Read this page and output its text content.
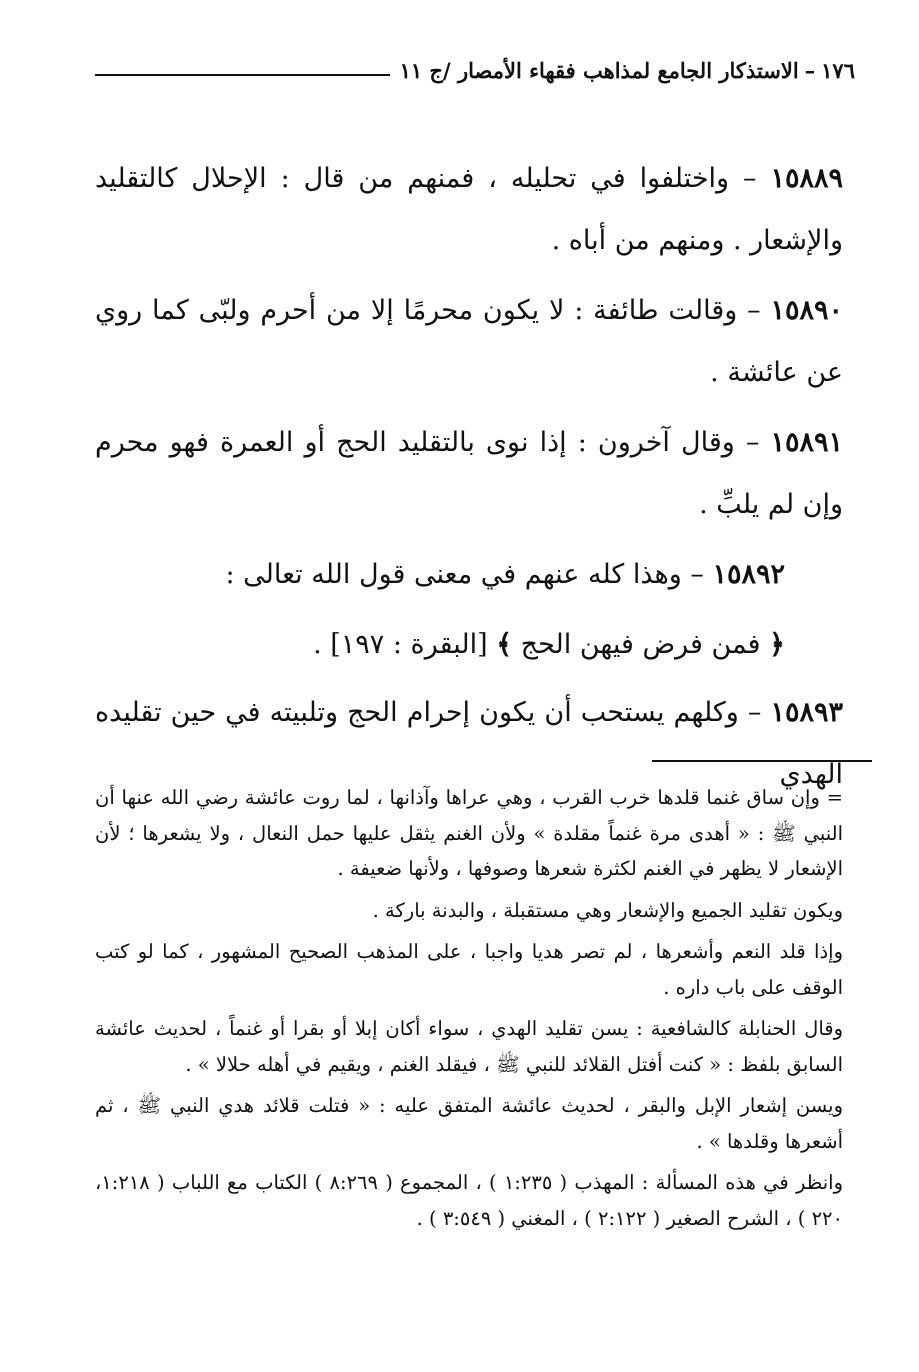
١٧٦
–
الاستذكار الجامع لمذاهب فقهاء الأمصار /ج ١١

١٥٨٨٩ – واختلفوا في تحليله ، فمنهم من قال : الإحلال كالتقليد والإشعار . ومنهم من أباه .

١٥٨٩٠ – وقالت طائفة : لا يكون محرمًا إلا من أحرم ولبّى كما روي عن عائشة .

١٥٨٩١ – وقال آخرون : إذا نوى بالتقليد الحج أو العمرة فهو محرم وإن لم يلبِّ .

١٥٨٩٢ – وهذا كله عنهم في معنى قول الله تعالى :

﴿ فمن فرض فيهن الحج ﴾ [البقرة : ١٩٧] .

١٥٨٩٣ – وكلهم يستحب أن يكون إحرام الحج وتلبيته في حين تقليده الهدي

= وإن ساق غنما قلدها خرب القرب ، وهي عراها وآذانها ، لما روت عائشة رضي الله عنها أن النبي ﷺ : « أهدى مرة غنماً مقلدة » ولأن الغنم يثقل عليها حمل النعال ، ولا يشعرها ؛ لأن الإشعار لا يظهر في الغنم لكثرة شعرها وصوفها ، ولأنها ضعيفة .

ويكون تقليد الجميع والإشعار وهي مستقبلة ، والبدنة باركة .

وإذا قلد النعم وأشعرها ، لم تصر هديا واجبا ، على المذهب الصحيح المشهور ، كما لو كتب الوقف على باب داره .

وقال الحنابلة كالشافعية : يسن تقليد الهدي ، سواء أكان إبلا أو بقرا أو غنماً ، لحديث عائشة السابق بلفظ : « كنت أفتل القلائد للنبي ﷺ ، فيقلد الغنم ، ويقيم في أهله حلالا » .

ويسن إشعار الإبل والبقر ، لحديث عائشة المتفق عليه : « فتلت قلائد هدي النبي ﷺ ، ثم أشعرها وقلدها » .

وانظر في هذه المسألة : المهذب ( ١:٢٣٥ ) ، المجموع ( ٨:٢٦٩ ) الكتاب مع اللباب ( ١:٢١٨، ٢٢٠ ) ، الشرح الصغير ( ٢:١٢٢ ) ، المغني ( ٣:٥٤٩ ) .
